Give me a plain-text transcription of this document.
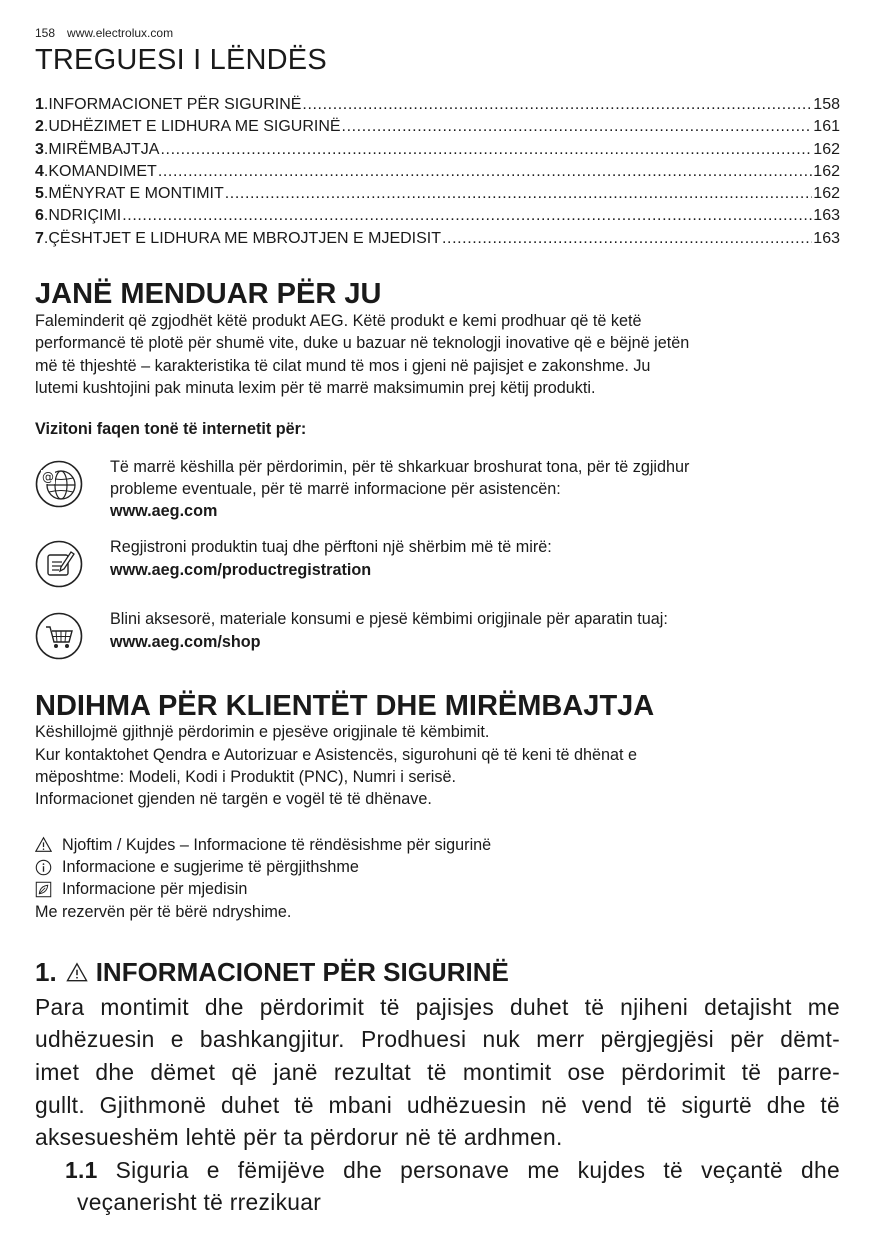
158 www.electrolux.com
TREGUESI I LËNDËS
1 . INFORMACIONET PËR SIGURINË .....	158
2 . UDHËZIMET E LIDHURA ME SIGURINË .....	161
3 . MIRËMBAJTJA .....	162
4 . KOMANDIMET .....	162
5 . MËNYRAT E MONTIMIT .....	162
6 . NDRIÇIMI .....	163
7 . ÇËSHTJET E LIDHURA ME MBROJTJEN E MJEDISIT .....	163
JANË MENDUAR PËR JU

Faleminderit që zgjodhët këtë produkt AEG. Këtë produkt e kemi prodhuar që të ketë

performancë të plotë për shumë vite, duke u bazuar në teknologji inovative që e bëjnë jetën

më të thjeshtë – karakteristika të cilat mund të mos i gjeni në pajisjet e zakonshme. Ju

lutemi kushtojini pak minuta lexim për të marrë maksimumin prej këtij produkti.

Vizitoni faqen tonë të internetit për:

@
Të marrë këshilla për përdorimin, për të shkarkuar broshurat tona, për të zgjidhur
probleme eventuale, për të marrë informacione për asistencën:
www.aeg.com
Regjistroni produktin tuaj dhe përftoni një shërbim më të mirë:
www.aeg.com/productregistration
Blini aksesorë, materiale konsumi e pjesë këmbimi origjinale për aparatin tuaj:
www.aeg.com/shop
NDIHMA PËR KLIENTËT DHE MIRËMBAJTJA

Këshillojmë gjithnjë përdorimin e pjesëve origjinale të këmbimit.

Kur kontaktohet Qendra e Autorizuar e Asistencës, sigurohuni që të keni të dhënat e

mëposhtme: Modeli, Kodi i Produktit (PNC), Numri i serisë.

Informacionet gjenden në targën e vogël të të dhënave.

Njoftim / Kujdes – Informacione të rëndësishme për sigurinë
Informacione e sugjerime të përgjithshme
Informacione për mjedisin

Me rezervën për të bërë ndryshime.

1. INFORMACIONET PËR SIGURINË

Para montimit dhe përdorimit të pajisjes duhet të njiheni detajisht me

udhëzuesin e bashkangjitur. Prodhuesi nuk merr përgjegjësi për dëmt-

imet dhe dëmet që janë rezultat të montimit ose përdorimit të parre-

gullt. Gjithmonë duhet të mbani udhëzuesin në vend të sigurtë dhe të

aksesueshëm lehtë për ta përdorur në të ardhmen.

1.1 Siguria e fëmijëve dhe personave me kujdes të veçantë dhe

veçanerisht të rrezikuar
